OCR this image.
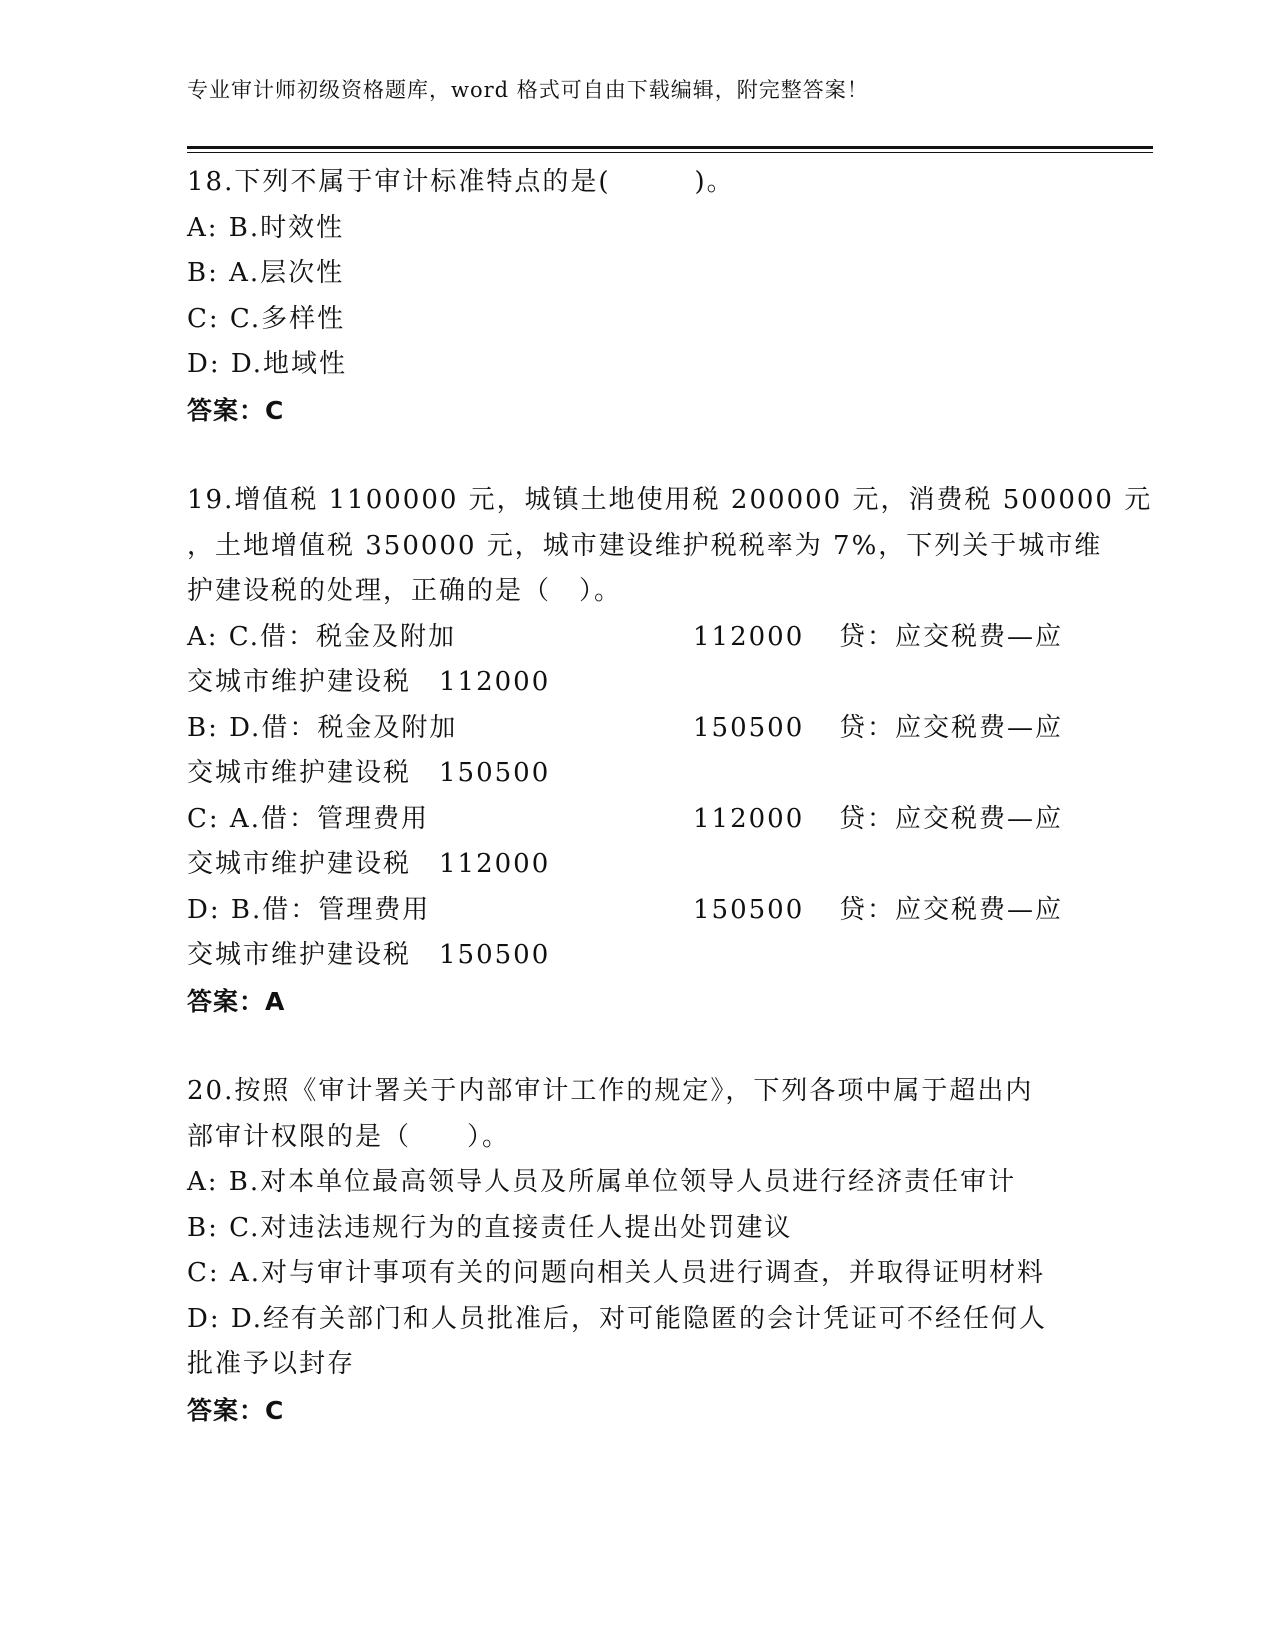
专业审计师初级资格题库，word 格式可自由下载编辑，附完整答案！
18.下列不属于审计标准特点的是(　　　)。
A: B.时效性
B: A.层次性
C: C.多样性
D: D.地域性
答案：C
19.增值税 1100000 元，城镇土地使用税 200000 元，消费税 500000 元
，土地增值税 350000 元，城市建设维护税税率为 7%，下列关于城市维
护建设税的处理，正确的是（　）。
A: C.借：税金及附加	112000	贷：应交税费—应
交城市维护建设税　112000
B: D.借：税金及附加	150500	贷：应交税费—应
交城市维护建设税　150500
C: A.借：管理费用	112000	贷：应交税费—应
交城市维护建设税　112000
D: B.借：管理费用	150500	贷：应交税费—应
交城市维护建设税　150500
答案：A
20.按照《审计署关于内部审计工作的规定》，下列各项中属于超出内
部审计权限的是（　　）。
A: B.对本单位最高领导人员及所属单位领导人员进行经济责任审计
B: C.对违法违规行为的直接责任人提出处罚建议
C: A.对与审计事项有关的问题向相关人员进行调查，并取得证明材料
D: D.经有关部门和人员批准后，对可能隐匿的会计凭证可不经任何人
批准予以封存
答案：C
